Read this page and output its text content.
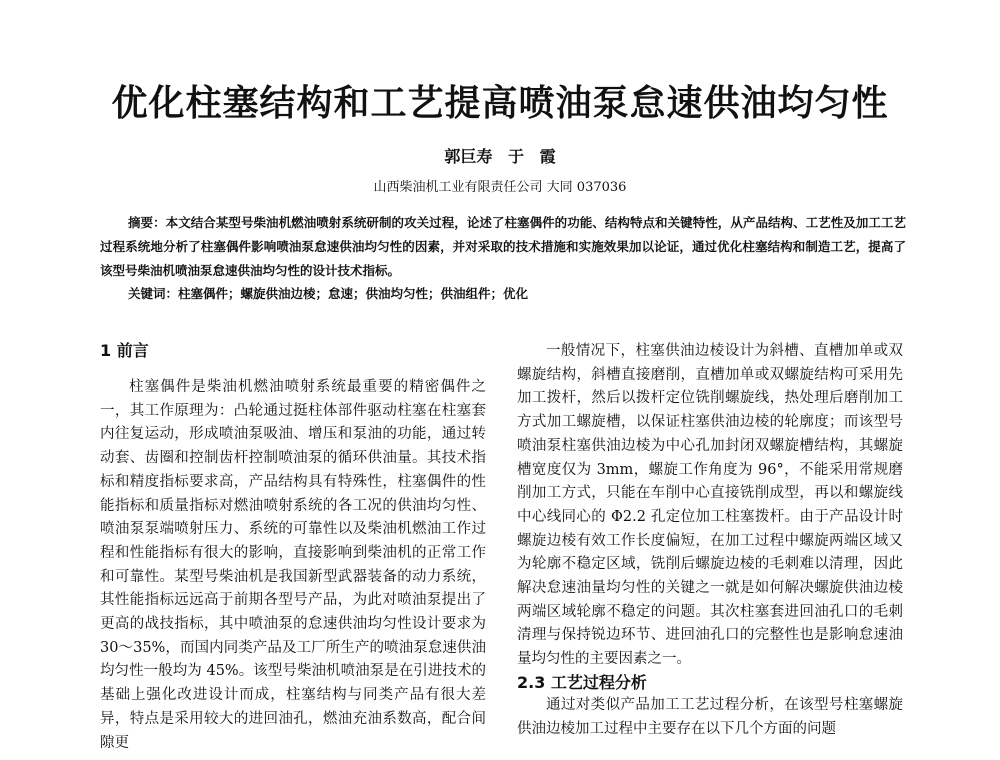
优化柱塞结构和工艺提高喷油泵怠速供油均匀性
郭巨寿 于 霞
山西柴油机工业有限责任公司 大同 037036
摘要：本文结合某型号柴油机燃油喷射系统研制的攻关过程，论述了柱塞偶件的功能、结构特点和关键特性，从产品结构、工艺性及加工工艺过程系统地分析了柱塞偶件影响喷油泵怠速供油均匀性的因素，并对采取的技术措施和实施效果加以论证，通过优化柱塞结构和制造工艺，提高了该型号柴油机喷油泵怠速供油均匀性的设计技术指标。
关键词：柱塞偶件；螺旋供油边棱；怠速；供油均匀性；供油组件；优化
1 前言

柱塞偶件是柴油机燃油喷射系统最重要的精密偶件之一，其工作原理为：凸轮通过挺柱体部件驱动柱塞在柱塞套内往复运动，形成喷油泵吸油、增压和泵油的功能，通过转动套、齿圈和控制齿杆控制喷油泵的循环供油量。其技术指标和精度指标要求高，产品结构具有特殊性，柱塞偶件的性能指标和质量指标对燃油喷射系统的各工况的供油均匀性、喷油泵泵端喷射压力、系统的可靠性以及柴油机燃油工作过程和性能指标有很大的影响，直接影响到柴油机的正常工作和可靠性。某型号柴油机是我国新型武器装备的动力系统，其性能指标远远高于前期各型号产品，为此对喷油泵提出了更高的战技指标，其中喷油泵的怠速供油均匀性设计要求为 30～35%，而国内同类产品及工厂所生产的喷油泵怠速供油均匀性一般均为 45%。该型号柴油机喷油泵是在引进技术的基础上强化改进设计而成，柱塞结构与同类产品有很大差异，特点是采用较大的进回油孔，燃油充油系数高，配合间隙更

一般情况下，柱塞供油边棱设计为斜槽、直槽加单或双螺旋结构，斜槽直接磨削，直槽加单或双螺旋结构可采用先加工拨杆，然后以拨杆定位铣削螺旋线，热处理后磨削加工方式加工螺旋槽，以保证柱塞供油边棱的轮廓度；而该型号喷油泵柱塞供油边棱为中心孔加封闭双螺旋槽结构，其螺旋槽宽度仅为 3mm，螺旋工作角度为 96°，不能采用常规磨削加工方式，只能在车削中心直接铣削成型，再以和螺旋线中心线同心的 Φ2.2 孔定位加工柱塞拨杆。由于产品设计时螺旋边棱有效工作长度偏短，在加工过程中螺旋两端区域又为轮廓不稳定区域，铣削后螺旋边棱的毛刺难以清理，因此解决怠速油量均匀性的关键之一就是如何解决螺旋供油边棱两端区域轮廓不稳定的问题。其次柱塞套进回油孔口的毛刺清理与保持锐边环节、进回油孔口的完整性也是影响怠速油量均匀性的主要因素之一。

2.3 工艺过程分析

通过对类似产品加工工艺过程分析，在该型号柱塞螺旋供油边棱加工过程中主要存在以下几个方面的问题
